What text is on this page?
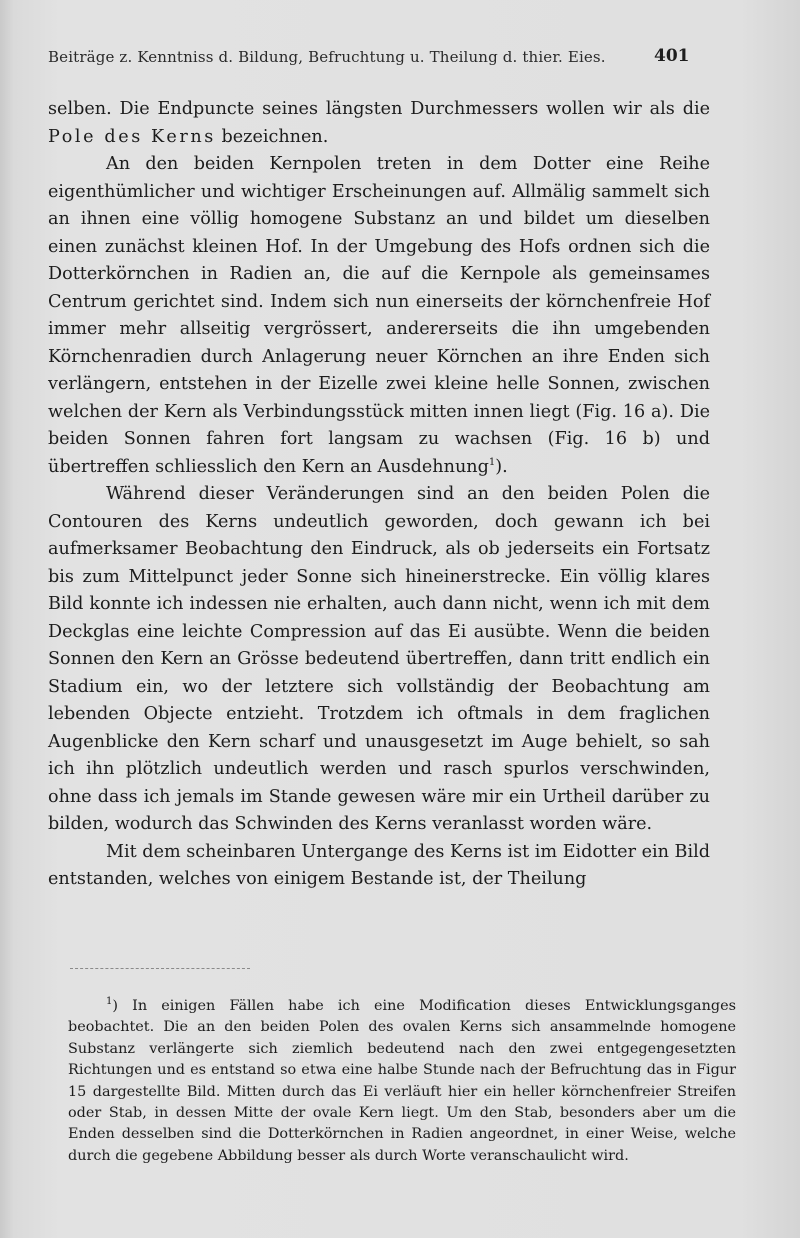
Beiträge z. Kenntniss d. Bildung, Befruchtung u. Theilung d. thier. Eies.	401

selben. Die Endpuncte seines längsten Durchmessers wollen wir als die Pole des Kerns bezeichnen.

An den beiden Kernpolen treten in dem Dotter eine Reihe eigenthümlicher und wichtiger Erscheinungen auf. Allmälig sammelt sich an ihnen eine völlig homogene Substanz an und bildet um dieselben einen zunächst kleinen Hof. In der Umgebung des Hofs ordnen sich die Dotterkörnchen in Radien an, die auf die Kernpole als gemeinsames Centrum gerichtet sind. Indem sich nun einerseits der körnchenfreie Hof immer mehr allseitig vergrössert, andererseits die ihn umgebenden Körnchenradien durch Anlagerung neuer Körnchen an ihre Enden sich verlängern, entstehen in der Eizelle zwei kleine helle Sonnen, zwischen welchen der Kern als Verbindungsstück mitten innen liegt (Fig. 16 a). Die beiden Sonnen fahren fort langsam zu wachsen (Fig. 16 b) und übertreffen schliesslich den Kern an Ausdehnung$^1$).

Während dieser Veränderungen sind an den beiden Polen die Contouren des Kerns undeutlich geworden, doch gewann ich bei aufmerksamer Beobachtung den Eindruck, als ob jederseits ein Fortsatz bis zum Mittelpunct jeder Sonne sich hineinerstrecke. Ein völlig klares Bild konnte ich indessen nie erhalten, auch dann nicht, wenn ich mit dem Deckglas eine leichte Compression auf das Ei ausübte. Wenn die beiden Sonnen den Kern an Grösse bedeutend übertreffen, dann tritt endlich ein Stadium ein, wo der letztere sich vollständig der Beobachtung am lebenden Objecte entzieht. Trotzdem ich oftmals in dem fraglichen Augenblicke den Kern scharf und unausgesetzt im Auge behielt, so sah ich ihn plötzlich undeutlich werden und rasch spurlos verschwinden, ohne dass ich jemals im Stande gewesen wäre mir ein Urtheil darüber zu bilden, wodurch das Schwinden des Kerns veranlasst worden wäre.

Mit dem scheinbaren Untergange des Kerns ist im Eidotter ein Bild entstanden, welches von einigem Bestande ist, der Theilung

$^1$) In einigen Fällen habe ich eine Modification dieses Entwicklungsganges beobachtet. Die an den beiden Polen des ovalen Kerns sich ansammelnde homogene Substanz verlängerte sich ziemlich bedeutend nach den zwei entgegengesetzten Richtungen und es entstand so etwa eine halbe Stunde nach der Befruchtung das in Figur 15 dargestellte Bild. Mitten durch das Ei verläuft hier ein heller körnchenfreier Streifen oder Stab, in dessen Mitte der ovale Kern liegt. Um den Stab, besonders aber um die Enden desselben sind die Dotterkörnchen in Radien angeordnet, in einer Weise, welche durch die gegebene Abbildung besser als durch Worte veranschaulicht wird.
